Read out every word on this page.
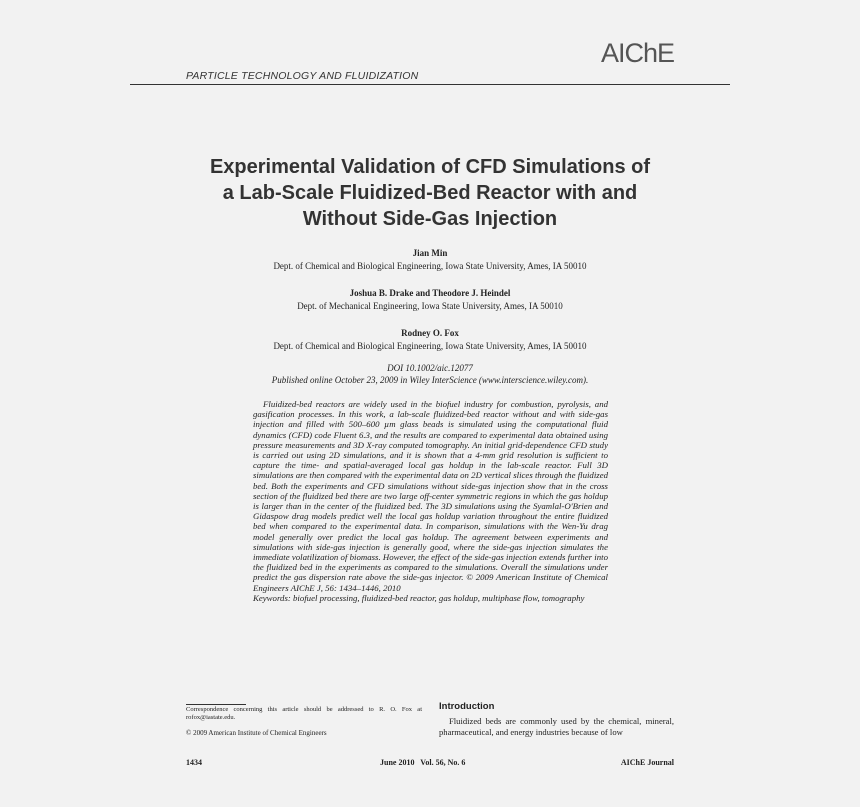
AIChE
PARTICLE TECHNOLOGY AND FLUIDIZATION
Experimental Validation of CFD Simulations of
a Lab-Scale Fluidized-Bed Reactor with and
Without Side-Gas Injection
Jian Min
Dept. of Chemical and Biological Engineering, Iowa State University, Ames, IA 50010
Joshua B. Drake and Theodore J. Heindel
Dept. of Mechanical Engineering, Iowa State University, Ames, IA 50010
Rodney O. Fox
Dept. of Chemical and Biological Engineering, Iowa State University, Ames, IA 50010
DOI 10.1002/aic.12077
Published online October 23, 2009 in Wiley InterScience (www.interscience.wiley.com).
Fluidized-bed reactors are widely used in the biofuel industry for combustion, pyrolysis, and gasification processes. In this work, a lab-scale fluidized-bed reactor without and with side-gas injection and filled with 500–600 µm glass beads is simulated using the computational fluid dynamics (CFD) code Fluent 6.3, and the results are compared to experimental data obtained using pressure measurements and 3D X-ray computed tomography. An initial grid-dependence CFD study is carried out using 2D simulations, and it is shown that a 4-mm grid resolution is sufficient to capture the time- and spatial-averaged local gas holdup in the lab-scale reactor. Full 3D simulations are then compared with the experimental data on 2D vertical slices through the fluidized bed. Both the experiments and CFD simulations without side-gas injection show that in the cross section of the fluidized bed there are two large off-center symmetric regions in which the gas holdup is larger than in the center of the fluidized bed. The 3D simulations using the Syamlal-O'Brien and Gidaspow drag models predict well the local gas holdup variation throughout the entire fluidized bed when compared to the experimental data. In comparison, simulations with the Wen-Yu drag model generally over predict the local gas holdup. The agreement between experiments and simulations with side-gas injection is generally good, where the side-gas injection simulates the immediate volatilization of biomass. However, the effect of the side-gas injection extends further into the fluidized bed in the experiments as compared to the simulations. Overall the simulations under predict the gas dispersion rate above the side-gas injector. © 2009 American Institute of Chemical Engineers AIChE J, 56: 1434–1446, 2010
Keywords: biofuel processing, fluidized-bed reactor, gas holdup, multiphase flow, tomography
Correspondence concerning this article should be addressed to R. O. Fox at rofox@iastate.edu.
© 2009 American Institute of Chemical Engineers
Introduction
Fluidized beds are commonly used by the chemical, mineral, pharmaceutical, and energy industries because of low
1434	June 2010   Vol. 56, No. 6	AIChE Journal
